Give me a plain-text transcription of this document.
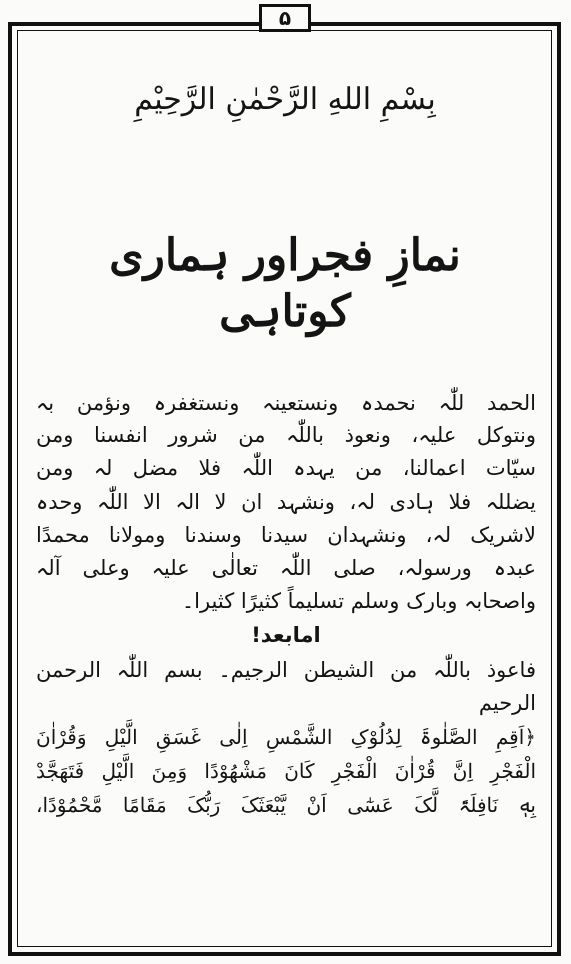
۵
بِسْمِ اللهِ الرَّحْمٰنِ الرَّحِيْمِ
نمازِ فجراور ہماری کوتاہی
الحمد للّٰہ نحمدہ ونستعینہ ونستغفرہ ونؤمن بہ
ونتوکل علیہ، ونعوذ باللّٰہ من شرور انفسنا ومن
سیّات اعمالنا، من یہدہ اللّٰہ فلا مضل لہ ومن
یضللہ فلا ہادی لہ، ونشہد ان لا الہ الا اللّٰہ وحدہ
لاشریک لہ، ونشہدان سیدنا وسندنا ومولانا محمدًا
عبدہ ورسولہ، صلی اللّٰہ تعالٰی علیہ وعلی آلہ
واصحابہ وبارک وسلم تسلیماً کثیرًا کثیرا۔
امابعد!
فاعوذ باللّٰہ من الشیطن الرجیم۔ بسم اللّٰہ الرحمن
الرحیم
﴿اَقِمِ الصَّلٰوۃَ لِدُلُوْکِ الشَّمْسِ اِلٰی غَسَقِ الَّیْلِ وَقُرْاٰنَ
الْفَجْرِ اِنَّ قُرْاٰنَ الْفَجْرِ کَانَ مَشْهُوْدًا وَمِنَ الَّیْلِ فَتَهَجَّدْ
بِهٖ نَافِلَۃً لَّکَ عَسٰٓی اَنْ یَّبْعَثَکَ رَبُّکَ مَقَامًا مَّحْمُوْدًا،
